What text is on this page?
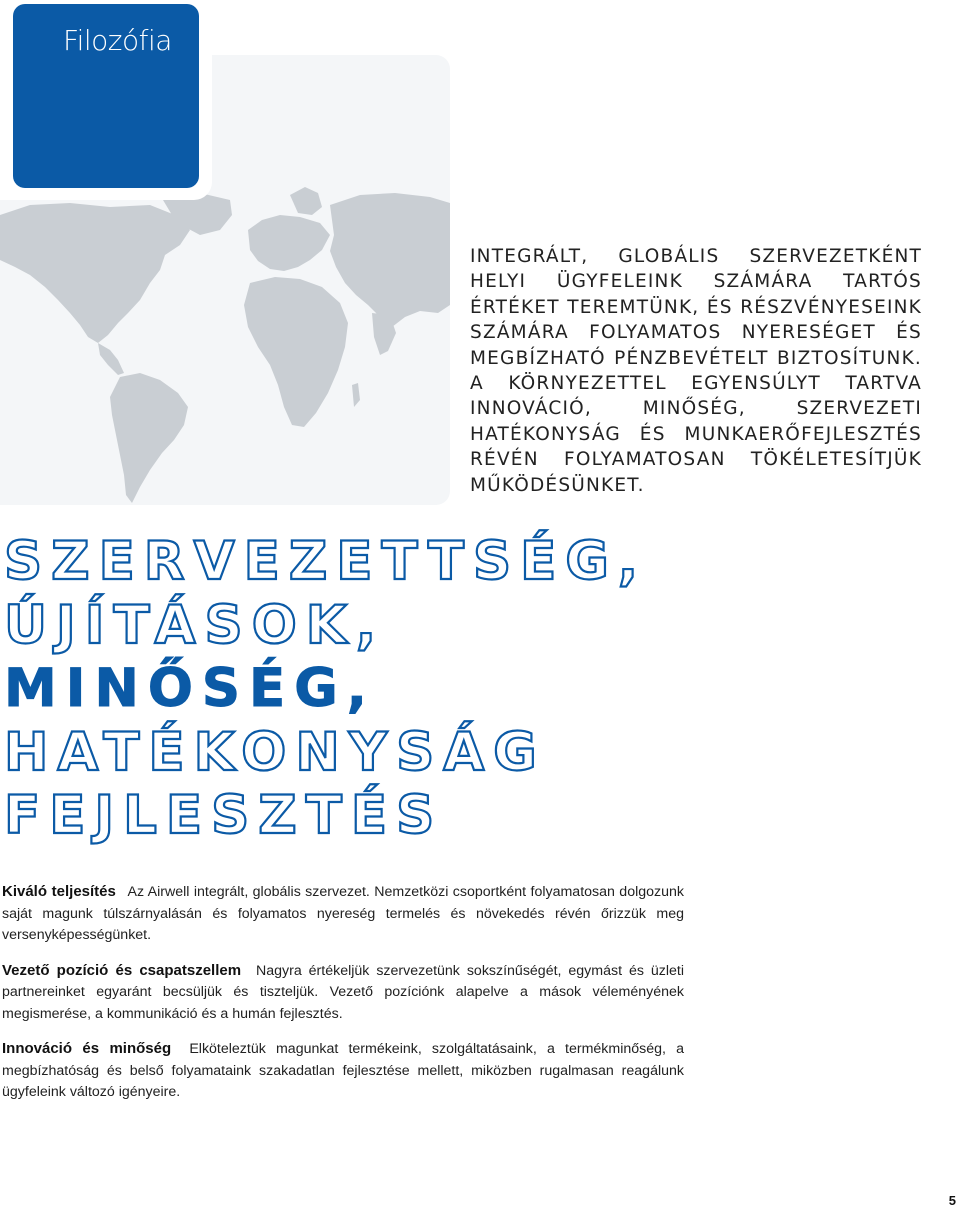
Filozófia
INTEGRÁLT, GLOBÁLIS SZERVEZETKÉNT HELYI ÜGYFELEINK SZÁMÁRA TARTÓS ÉRTÉKET TEREMTÜNK, ÉS RÉSZVÉNYESEINK SZÁMÁRA FOLYAMATOS NYERESÉGET ÉS MEGBÍZHATÓ PÉNZBEVÉTELT BIZTOSÍTUNK. A KÖRNYEZETTEL EGYENSÚLYT TARTVA INNOVÁCIÓ, MINŐSÉG, SZERVEZETI HATÉKONYSÁG ÉS MUNKAERŐFEJLESZTÉS RÉVÉN FOLYAMATOSAN TÖKÉLETESÍTJÜK MŰKÖDÉSÜNKET.
SZERVEZETTSÉG,
ÚJÍTÁSOK,
MINŐSÉG,
HATÉKONYSÁG
FEJLESZTÉS

Kiváló teljesítés Az Airwell integrált, globális szervezet. Nemzetközi csoportként folyamatosan dolgozunk saját magunk túlszárnyalásán és folyamatos nyereség termelés és növekedés révén őrizzük meg versenyképességünket.

Vezető pozíció és csapatszellem Nagyra értékeljük szervezetünk sokszínűségét, egymást és üzleti partnereinket egyaránt becsüljük és tiszteljük. Vezető pozíciónk alapelve a mások véleményének megismerése, a kommunikáció és a humán fejlesztés.

Innováció és minőség Elköteleztük magunkat termékeink, szolgáltatásaink, a termékminőség, a megbízhatóság és belső folyamataink szakadatlan fejlesztése mellett, miközben rugalmasan reagálunk ügyfeleink változó igényeire.

5
